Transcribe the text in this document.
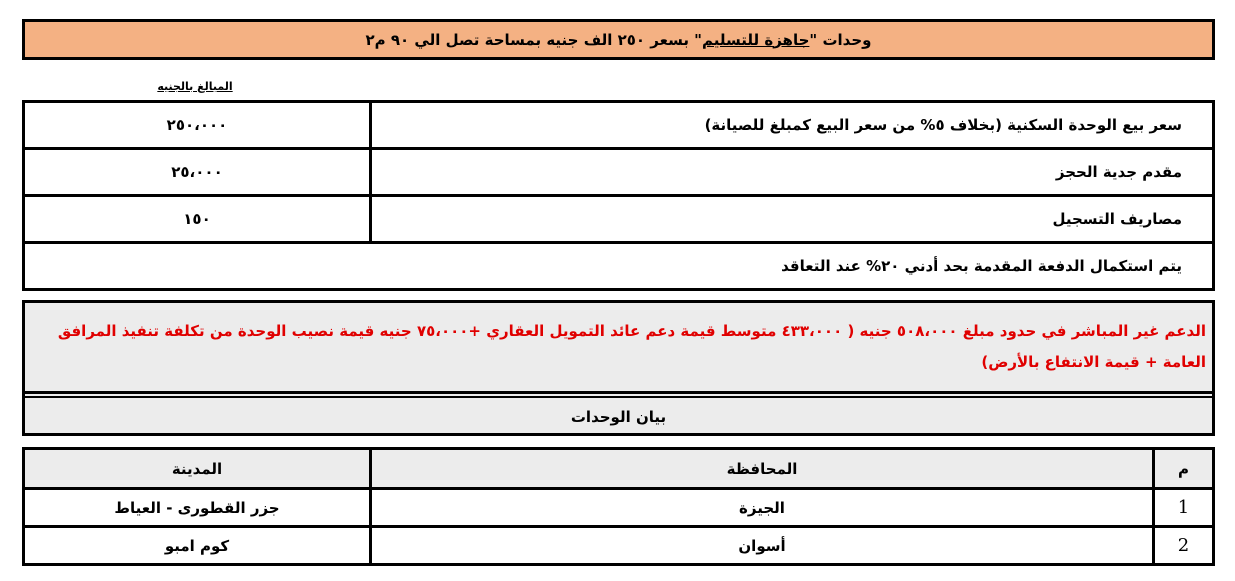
وحدات "جاهزة للتسليم" بسعر ٢٥٠ الف جنيه بمساحة تصل الي ٩٠ م٢
المبالغ بالجنيه
سعر بيع الوحدة السكنية (بخلاف ٥% من سعر البيع كمبلغ للصيانة)	٢٥٠،٠٠٠
مقدم جدية الحجز	٢٥،٠٠٠
مصاريف التسجيل	١٥٠
يتم استكمال الدفعة المقدمة بحد أدني ٢٠% عند التعاقد	
الدعم غير المباشر في حدود مبلغ ٥٠٨،٠٠٠ جنيه ( ٤٣٣،٠٠٠ متوسط قيمة دعم عائد التمويل العقاري +٧٥،٠٠٠ جنيه قيمة نصيب الوحدة من تكلفة تنفيذ المرافق العامة + قيمة الانتفاع بالأرض)
بيان الوحدات
م	المحافظة	المدينة
1	الجيزة	جزر القطورى - العياط
2	أسوان	كوم امبو
